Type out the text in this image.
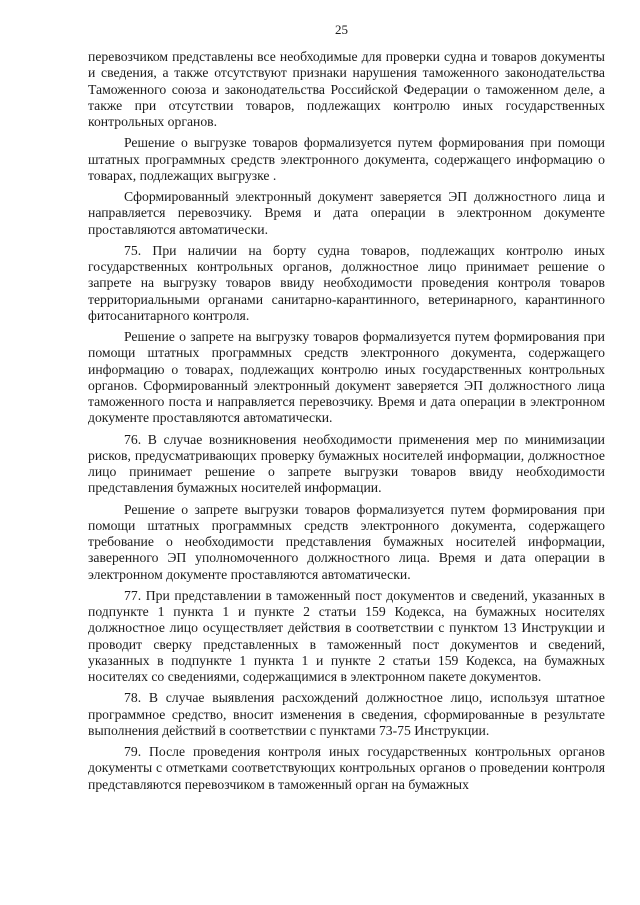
25

перевозчиком представлены все необходимые для проверки судна и товаров документы и сведения, а также отсутствуют признаки нарушения таможенного законодательства Таможенного союза и законодательства Российской Федерации о таможенном деле, а также при отсутствии товаров, подлежащих контролю иных государственных контрольных органов.

Решение о выгрузке товаров формализуется путем формирования при помощи штатных программных средств электронного документа, содержащего информацию о товарах, подлежащих выгрузке .

Сформированный электронный документ заверяется ЭП должностного лица и направляется перевозчику. Время и дата операции в электронном документе проставляются автоматически.

75. При наличии на борту судна товаров, подлежащих контролю иных государственных контрольных органов, должностное лицо принимает решение о запрете на выгрузку товаров ввиду необходимости проведения контроля товаров территориальными органами санитарно-карантинного, ветеринарного, карантинного фитосанитарного контроля.

Решение о запрете на выгрузку товаров формализуется путем формирования при помощи штатных программных средств электронного документа, содержащего информацию о товарах, подлежащих контролю иных государственных контрольных органов. Сформированный электронный документ заверяется ЭП должностного лица таможенного поста и направляется перевозчику. Время и дата операции в электронном документе проставляются автоматически.

76. В случае возникновения необходимости применения мер по минимизации рисков, предусматривающих проверку бумажных носителей информации, должностное лицо принимает решение о запрете выгрузки товаров ввиду необходимости представления бумажных носителей информации.

Решение о запрете выгрузки товаров формализуется путем формирования при помощи штатных программных средств электронного документа, содержащего требование о необходимости представления бумажных носителей информации, заверенного ЭП уполномоченного должностного лица. Время и дата операции в электронном документе проставляются автоматически.

77. При представлении в таможенный пост документов и сведений, указанных в подпункте 1 пункта 1 и пункте 2 статьи 159 Кодекса, на бумажных носителях должностное лицо осуществляет действия в соответствии с пунктом 13 Инструкции и проводит сверку представленных в таможенный пост документов и сведений, указанных в подпункте 1 пункта 1 и пункте 2 статьи 159 Кодекса, на бумажных носителях со сведениями, содержащимися в электронном пакете документов.

78. В случае выявления расхождений должностное лицо, используя штатное программное средство, вносит изменения в сведения, сформированные в результате выполнения действий в соответствии с пунктами 73-75 Инструкции.

79. После проведения контроля иных государственных контрольных органов документы с отметками соответствующих контрольных органов о проведении контроля представляются перевозчиком в таможенный орган на бумажных
